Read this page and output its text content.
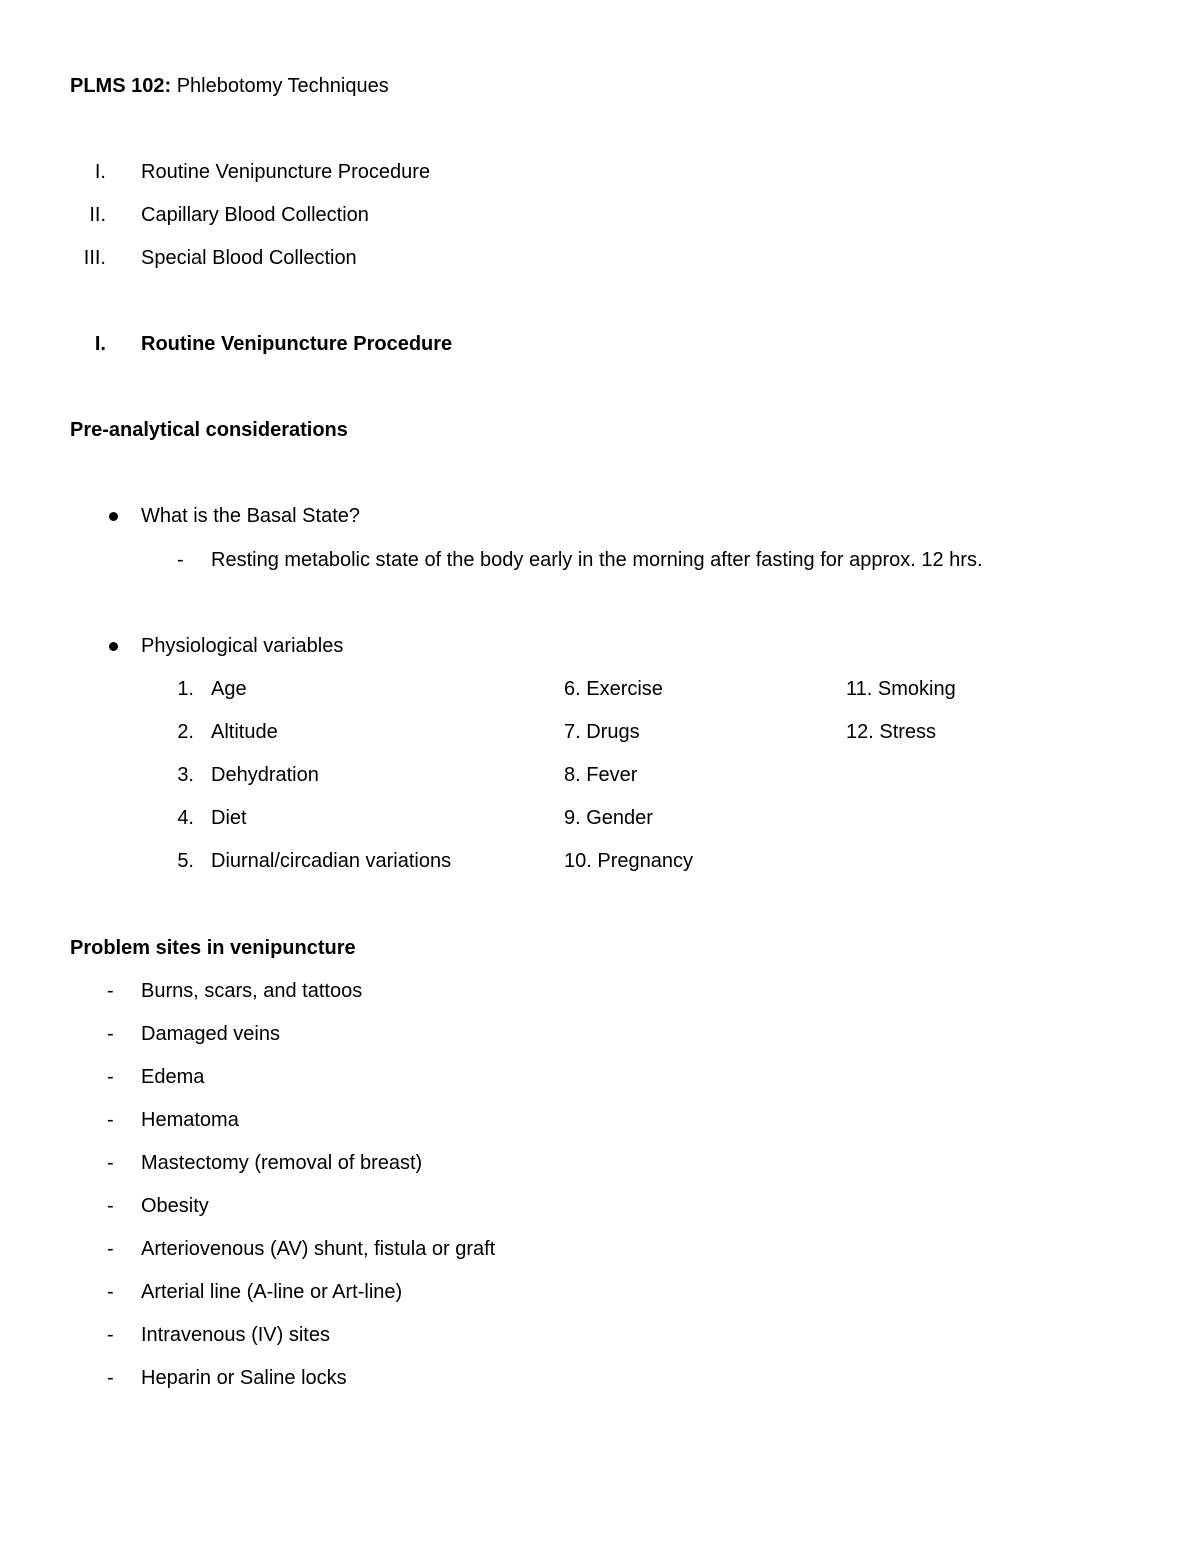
PLMS 102: Phlebotomy Techniques
I. Routine Venipuncture Procedure
II. Capillary Blood Collection
III. Special Blood Collection
I. Routine Venipuncture Procedure
Pre-analytical considerations
What is the Basal State?
- Resting metabolic state of the body early in the morning after fasting for approx. 12 hrs.
Physiological variables
1. Age
2. Altitude
3. Dehydration
4. Diet
5. Diurnal/circadian variations
6. Exercise
7. Drugs
8. Fever
9. Gender
10. Pregnancy
11. Smoking
12. Stress
Problem sites in venipuncture
- Burns, scars, and tattoos
- Damaged veins
- Edema
- Hematoma
- Mastectomy (removal of breast)
- Obesity
- Arteriovenous (AV) shunt, fistula or graft
- Arterial line (A-line or Art-line)
- Intravenous (IV) sites
- Heparin or Saline locks
